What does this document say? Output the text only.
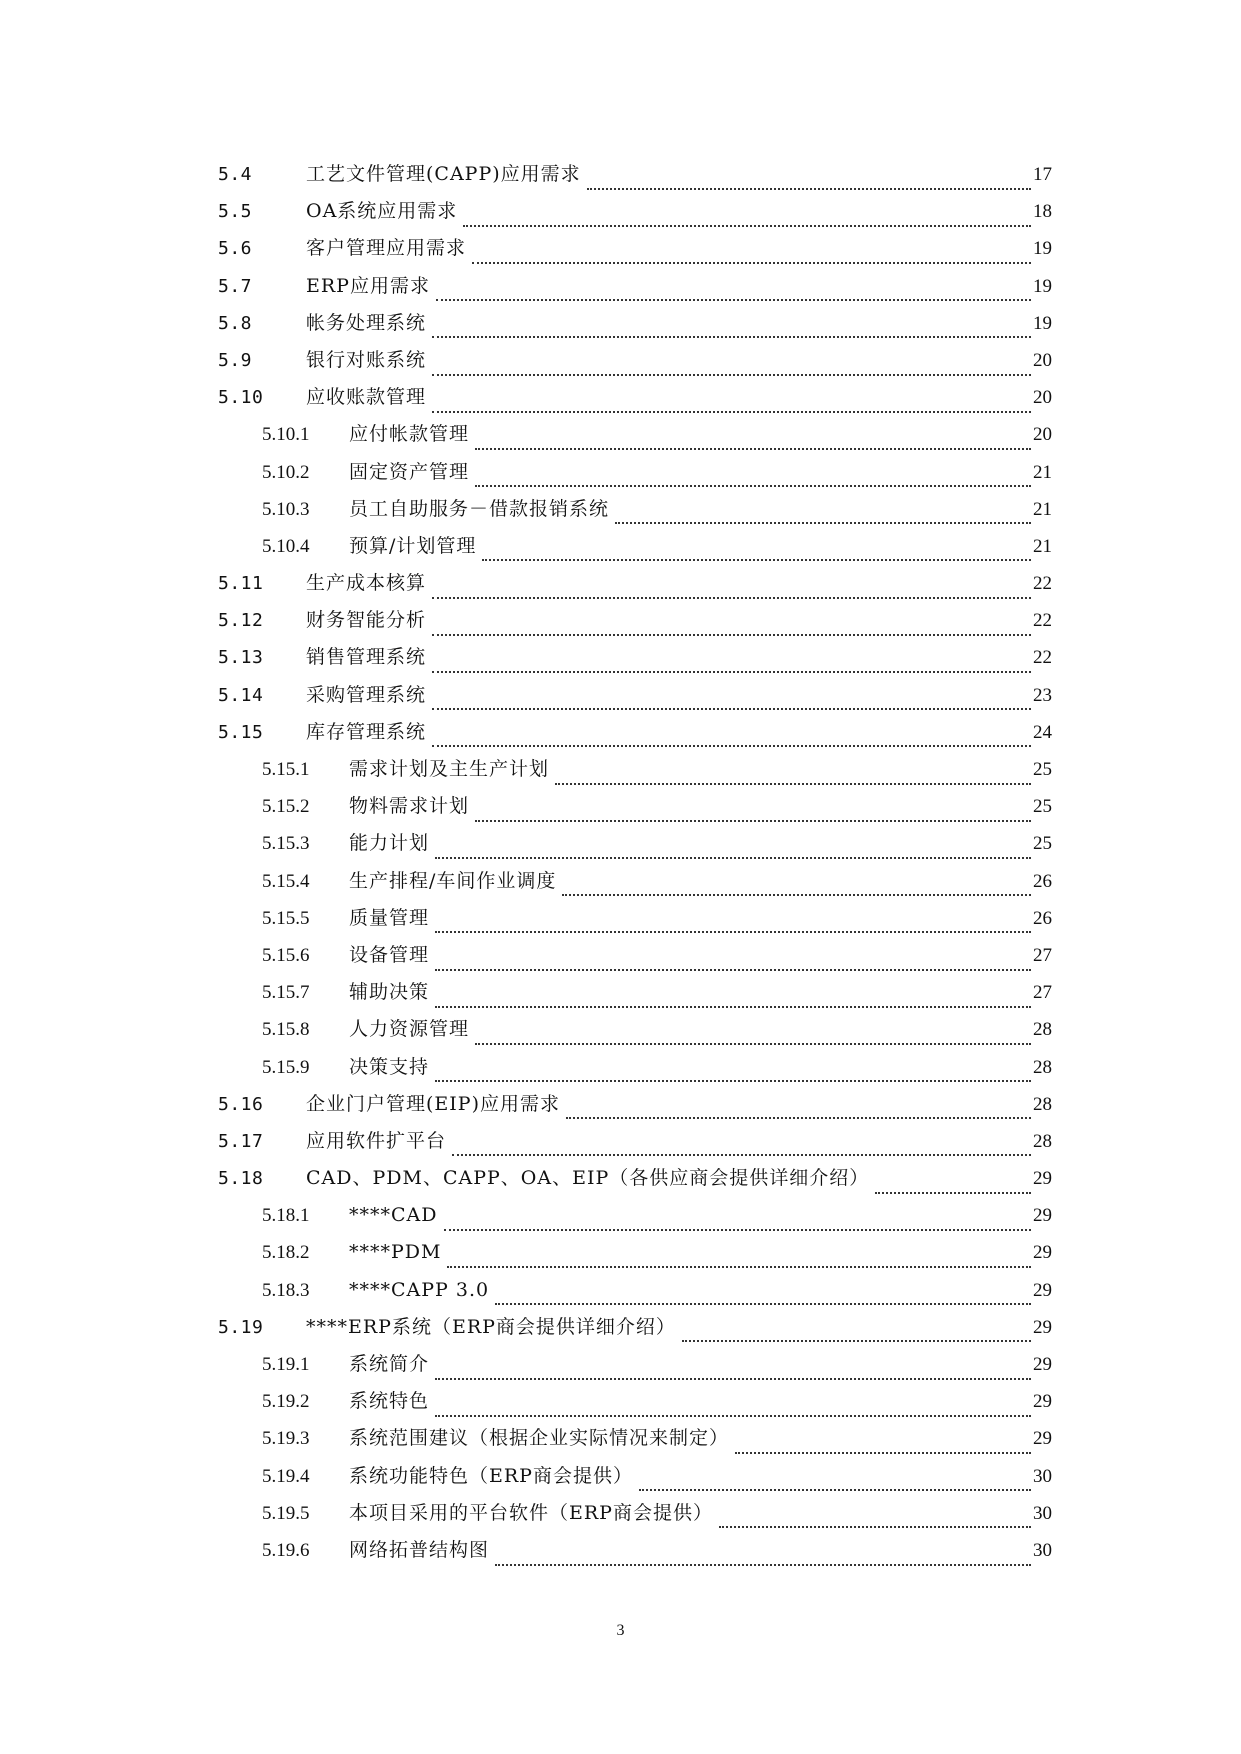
5.4	工艺文件管理(CAPP)应用需求	17
5.5	OA系统应用需求	18
5.6	客户管理应用需求	19
5.7	ERP应用需求	19
5.8	帐务处理系统	19
5.9	银行对账系统	20
5.10	应收账款管理	20
5.10.1	应付帐款管理	20
5.10.2	固定资产管理	21
5.10.3	员工自助服务－借款报销系统	21
5.10.4	预算/计划管理	21
5.11	生产成本核算	22
5.12	财务智能分析	22
5.13	销售管理系统	22
5.14	采购管理系统	23
5.15	库存管理系统	24
5.15.1	需求计划及主生产计划	25
5.15.2	物料需求计划	25
5.15.3	能力计划	25
5.15.4	生产排程/车间作业调度	26
5.15.5	质量管理	26
5.15.6	设备管理	27
5.15.7	辅助决策	27
5.15.8	人力资源管理	28
5.15.9	决策支持	28
5.16	企业门户管理(EIP)应用需求	28
5.17	应用软件扩平台	28
5.18	CAD、PDM、CAPP、OA、EIP（各供应商会提供详细介绍）	29
5.18.1	****CAD	29
5.18.2	****PDM	29
5.18.3	****CAPP 3.0	29
5.19	****ERP系统（ERP商会提供详细介绍）	29
5.19.1	系统简介	29
5.19.2	系统特色	29
5.19.3	系统范围建议（根据企业实际情况来制定）	29
5.19.4	系统功能特色（ERP商会提供）	30
5.19.5	本项目采用的平台软件（ERP商会提供）	30
5.19.6	网络拓普结构图	30
3
